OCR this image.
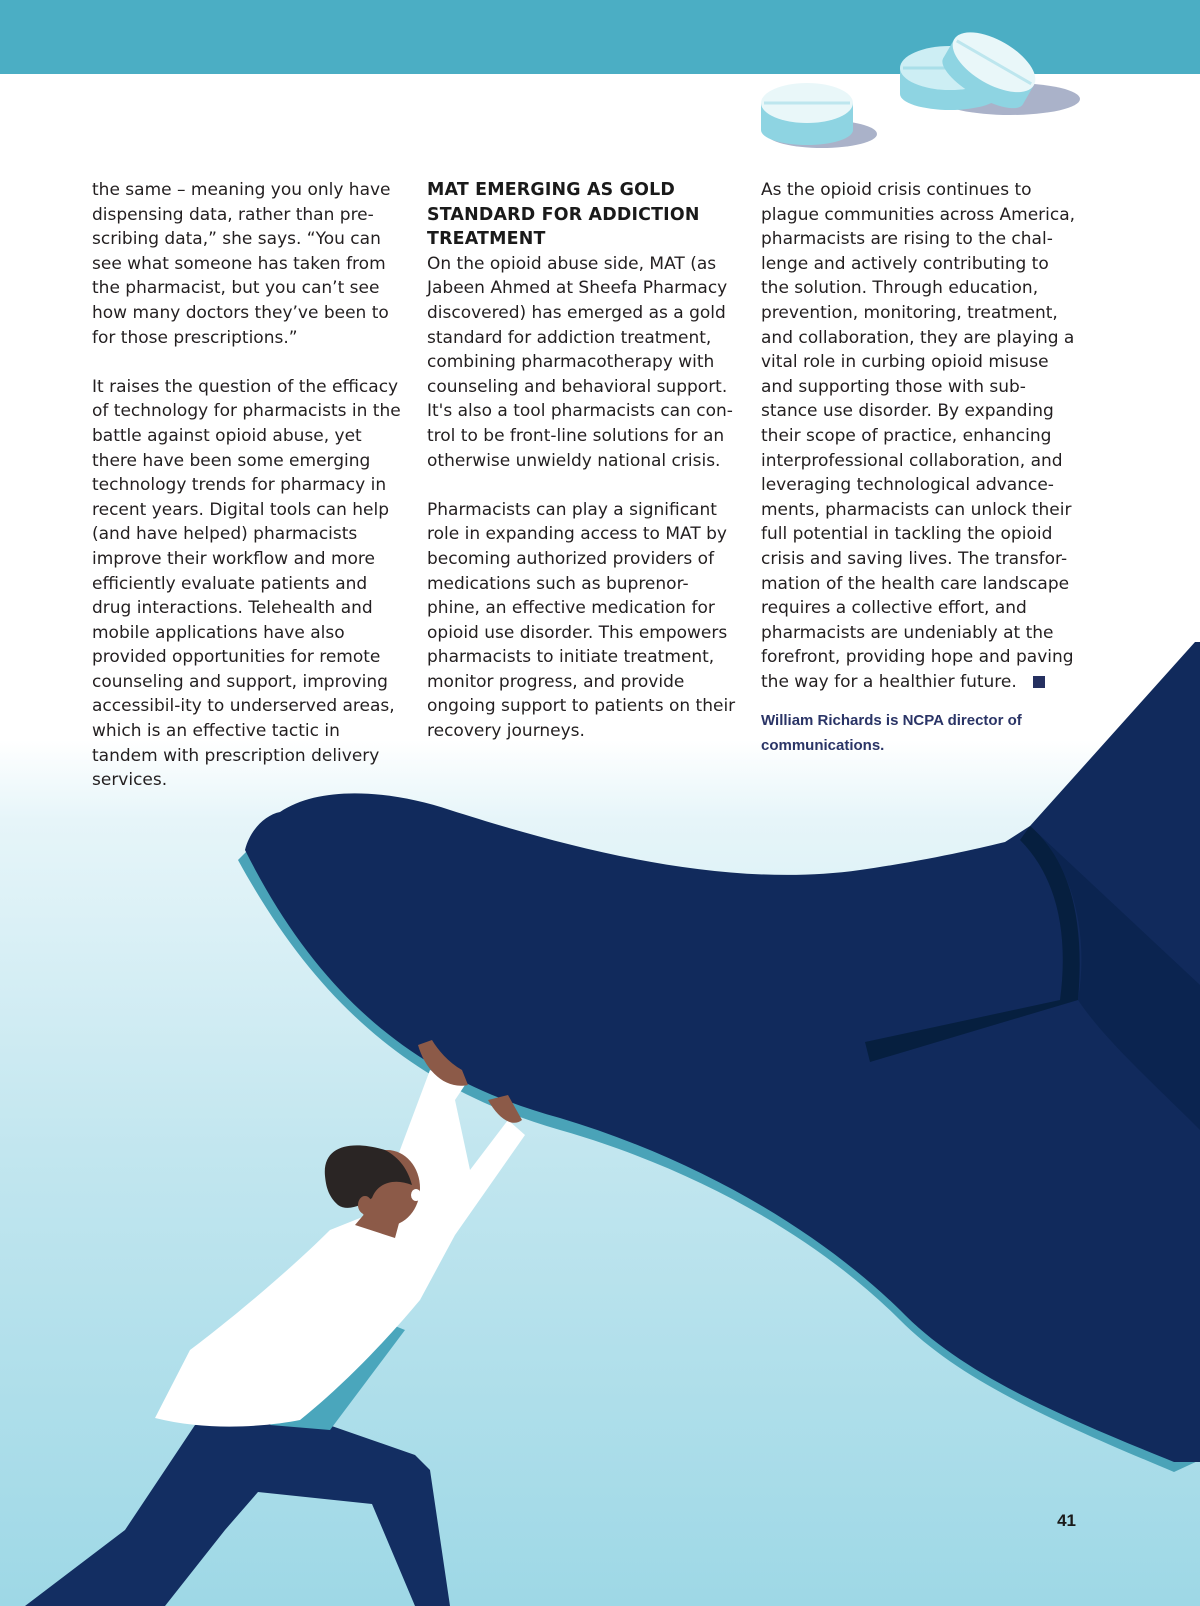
the same – meaning you only have dispensing data, rather than pre-scribing data,” she says. “You can see what someone has taken from the pharmacist, but you can’t see how many doctors they’ve been to for those prescriptions.”

It raises the question of the efficacy of technology for pharmacists in the battle against opioid abuse, yet there have been some emerging technology trends for pharmacy in recent years. Digital tools can help (and have helped) pharmacists improve their workflow and more efficiently evaluate patients and drug interactions. Telehealth and mobile applications have also provided opportunities for remote counseling and support, improving accessibil-ity to underserved areas, which is an effective tactic in tandem with prescription delivery services.

MAT EMERGING AS GOLD STANDARD FOR ADDICTION TREATMENT

On the opioid abuse side, MAT (as Jabeen Ahmed at Sheefa Pharmacy discovered) has emerged as a gold standard for addiction treatment, combining pharmacotherapy with counseling and behavioral support. It's also a tool pharmacists can con-trol to be front-line solutions for an otherwise unwieldy national crisis.

Pharmacists can play a significant role in expanding access to MAT by becoming authorized providers of medications such as buprenor-phine, an effective medication for opioid use disorder. This empowers pharmacists to initiate treatment, monitor progress, and provide ongoing support to patients on their recovery journeys.

As the opioid crisis continues to plague communities across America, pharmacists are rising to the chal-lenge and actively contributing to the solution. Through education, prevention, monitoring, treatment, and collaboration, they are playing a vital role in curbing opioid misuse and supporting those with sub-stance use disorder. By expanding their scope of practice, enhancing interprofessional collaboration, and leveraging technological advance-ments, pharmacists can unlock their full potential in tackling the opioid crisis and saving lives. The transfor-mation of the health care landscape requires a collective effort, and pharmacists are undeniably at the forefront, providing hope and paving the way for a healthier future.

William Richards is NCPA director of communications.
41
